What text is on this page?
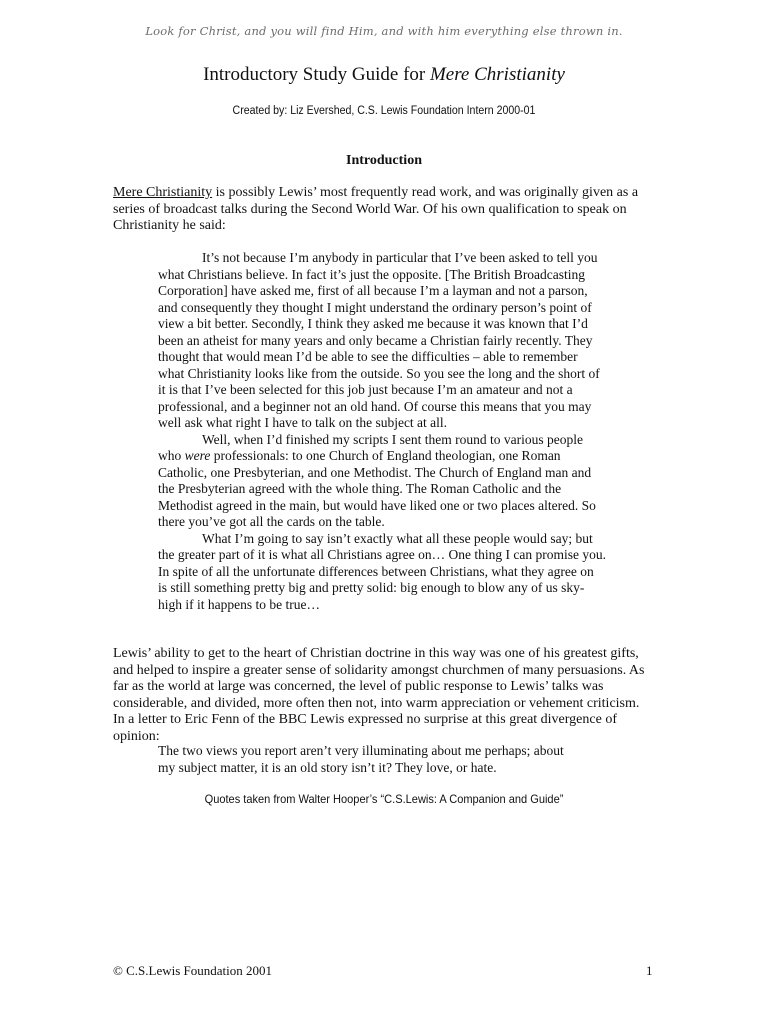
Look for Christ, and you will find Him, and with him everything else thrown in.
Introductory Study Guide for Mere Christianity
Created by: Liz Evershed, C.S. Lewis Foundation Intern 2000-01
Introduction

Mere Christianity is possibly Lewis’ most frequently read work, and was originally given as a series of broadcast talks during the Second World War. Of his own qualification to speak on Christianity he said:

It’s not because I’m anybody in particular that I’ve been asked to tell you what Christians believe. In fact it’s just the opposite. [The British Broadcasting Corporation] have asked me, first of all because I’m a layman and not a parson, and consequently they thought I might understand the ordinary person’s point of view a bit better. Secondly, I think they asked me because it was known that I’d been an atheist for many years and only became a Christian fairly recently. They thought that would mean I’d be able to see the difficulties – able to remember what Christianity looks like from the outside. So you see the long and the short of it is that I’ve been selected for this job just because I’m an amateur and not a professional, and a beginner not an old hand. Of course this means that you may well ask what right I have to talk on the subject at all.

Well, when I’d finished my scripts I sent them round to various people who were professionals: to one Church of England theologian, one Roman Catholic, one Presbyterian, and one Methodist. The Church of England man and the Presbyterian agreed with the whole thing. The Roman Catholic and the Methodist agreed in the main, but would have liked one or two places altered. So there you’ve got all the cards on the table.

What I’m going to say isn’t exactly what all these people would say; but the greater part of it is what all Christians agree on… One thing I can promise you. In spite of all the unfortunate differences between Christians, what they agree on is still something pretty big and pretty solid: big enough to blow any of us sky-high if it happens to be true…

Lewis’ ability to get to the heart of Christian doctrine in this way was one of his greatest gifts, and helped to inspire a greater sense of solidarity amongst churchmen of many persuasions. As far as the world at large was concerned, the level of public response to Lewis’ talks was considerable, and divided, more often then not, into warm appreciation or vehement criticism. In a letter to Eric Fenn of the BBC Lewis expressed no surprise at this great divergence of opinion:

The two views you report aren’t very illuminating about me perhaps; about my subject matter, it is an old story isn’t it? They love, or hate.

Quotes taken from Walter Hooper’s “C.S.Lewis: A Companion and Guide”
© C.S.Lewis Foundation 2001	1
